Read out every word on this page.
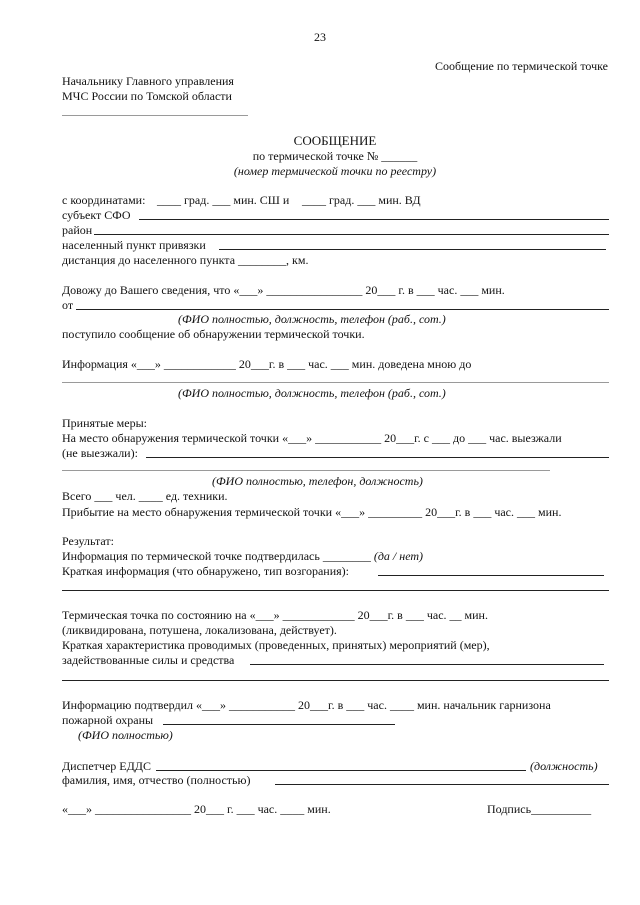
23
Сообщение по термической точке
Начальнику Главного управления
МЧС России по Томской области
СООБЩЕНИЕ
по термической точке № ______
(номер термической точки по реестру)
с координатами: ____ град. ___ мин. СШ и ____ град. ___ мин. ВД
субъект СФО
район
населенный пункт привязки
дистанция до населенного пункта ________, км.
Довожу до Вашего сведения, что «___» ________________ 20___ г. в ___ час. ___ мин.
от
(ФИО полностью, должность, телефон (раб., сот.)
поступило сообщение об обнаружении термической точки.
Информация «___» ____________ 20___г. в ___ час. ___ мин. доведена мною до
(ФИО полностью, должность, телефон (раб., сот.)
Принятые меры:
На место обнаружения термической точки «___» ___________ 20___г. с ___ до ___ час. выезжали
(не выезжали):
(ФИО полностью, телефон, должность)
Всего ___ чел. ____ ед. техники.
Прибытие на место обнаружения термической точки «___» _________ 20___г. в ___ час. ___ мин.
Результат:
Информация по термической точке подтвердилась ________ (да / нет)
Краткая информация (что обнаружено, тип возгорания):
Термическая точка по состоянию на «___» ____________ 20___г. в ___ час. __ мин.
(ликвидирована, потушена, локализована, действует).
Краткая характеристика проводимых (проведенных, принятых) мероприятий (мер),
задействованные силы и средства
Информацию подтвердил «___» ___________ 20___г. в ___ час. ____ мин. начальник гарнизона
пожарной охраны
(ФИО полностью)
Диспетчер ЕДДС	(должность)
фамилия, имя, отчество (полностью)
«___» ________________ 20___ г. ___ час. ____ мин.	Подпись__________
